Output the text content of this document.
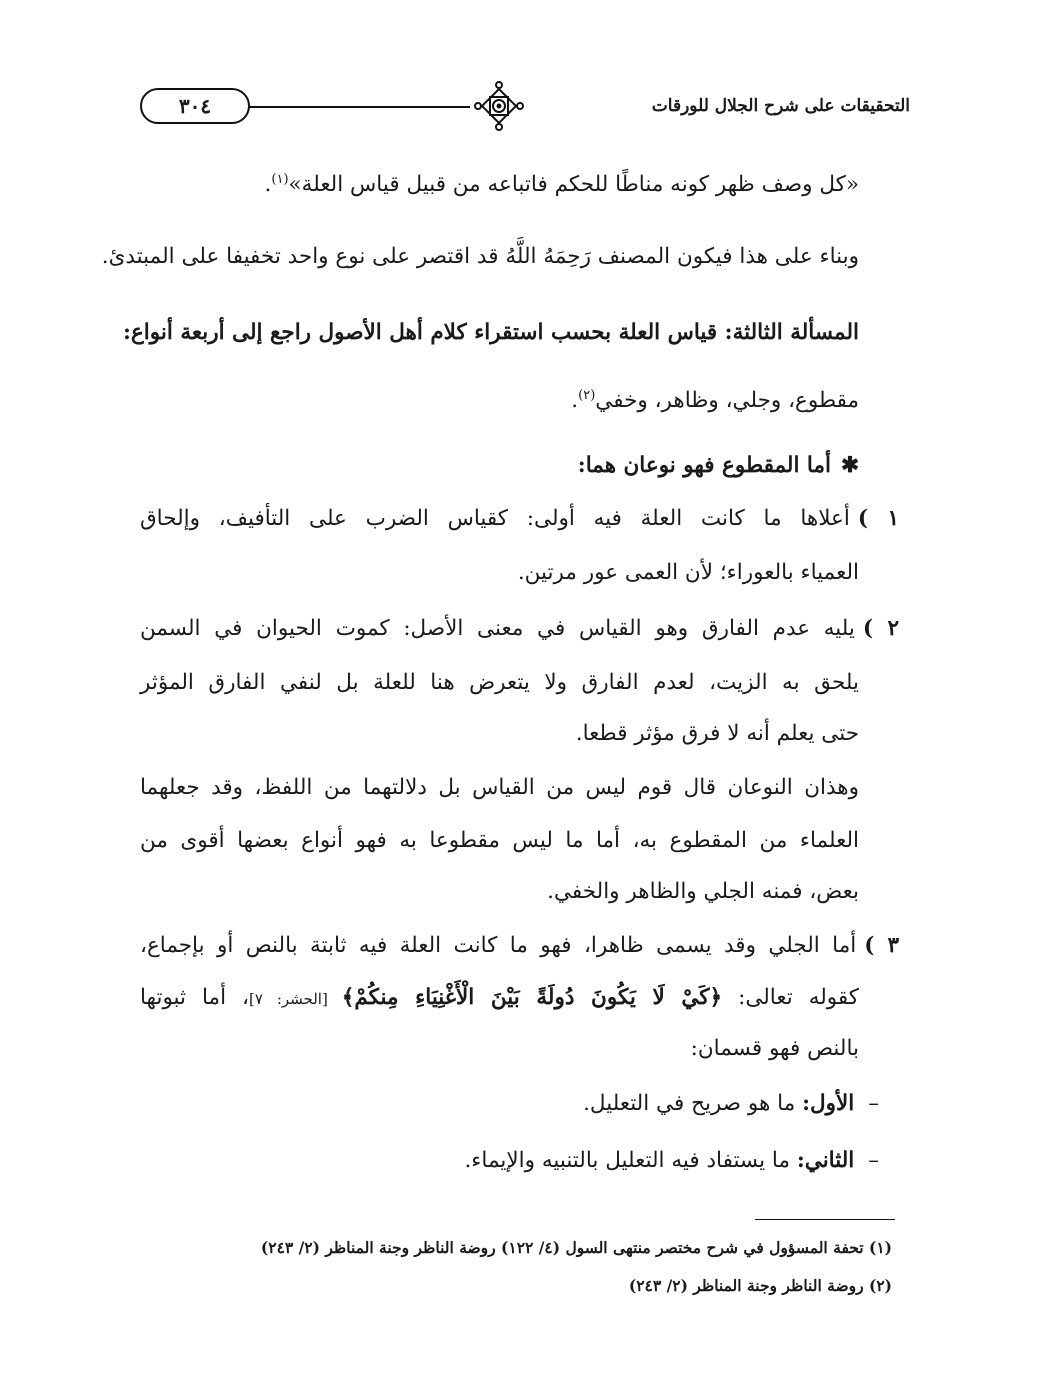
التحقيقات على شرح الجلال للورقات
٣٠٤
«كل وصف ظهر كونه مناطًا للحكم فاتباعه من قبيل قياس العلة»$^{(١)}$.
وبناء على هذا فيكون المصنف رَحِمَهُ اللَّهُ قد اقتصر على نوع واحد تخفيفا على المبتدئ.
المسألة الثالثة: قياس العلة بحسب استقراء كلام أهل الأصول راجع إلى أربعة أنواع:
مقطوع، وجلي، وظاهر، وخفي$^{(٢)}$.
✱أما المقطوع فهو نوعان هما:
١ )أعلاها ما كانت العلة فيه أولى: كقياس الضرب على التأفيف، وإلحاق
العمياء بالعوراء؛ لأن العمى عور مرتين.
٢ )يليه عدم الفارق وهو القياس في معنى الأصل: كموت الحيوان في السمن
يلحق به الزيت، لعدم الفارق ولا يتعرض هنا للعلة بل لنفي الفارق المؤثر
حتى يعلم أنه لا فرق مؤثر قطعا.
وهذان النوعان قال قوم ليس من القياس بل دلالتهما من اللفظ، وقد جعلهما
العلماء من المقطوع به، أما ما ليس مقطوعا به فهو أنواع بعضها أقوى من
بعض، فمنه الجلي والظاهر والخفي.
٣ )أما الجلي وقد يسمى ظاهرا، فهو ما كانت العلة فيه ثابتة بالنص أو بإجماع،
كقوله تعالى: ﴿كَيْ لَا يَكُونَ دُولَةً بَيْنَ الْأَغْنِيَاءِ مِنكُمْ﴾ [الحشر: ٧]، أما ثبوتها
بالنص فهو قسمان:
–الأول: ما هو صريح في التعليل.
–الثاني: ما يستفاد فيه التعليل بالتنبيه والإيماء.
(١) تحفة المسؤول في شرح مختصر منتهى السول (٤/ ١٢٢) روضة الناظر وجنة المناظر (٢/ ٢٤٣)
(٢) روضة الناظر وجنة المناظر (٢/ ٢٤٣)
